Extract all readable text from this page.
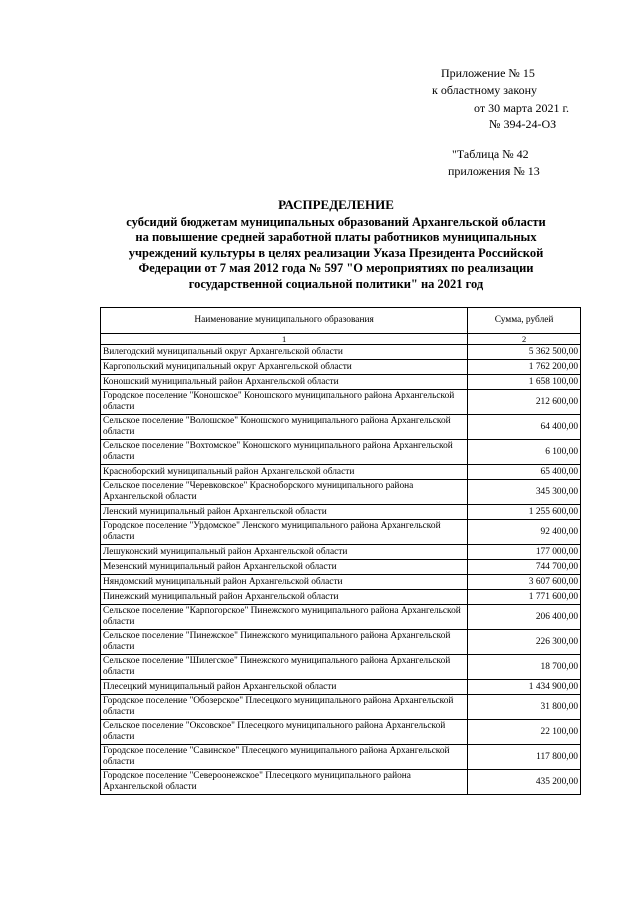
Приложение № 15
к областному закону
от 30 марта 2021 г.
№ 394-24-ОЗ
"Таблица № 42
приложения № 13
РАСПРЕДЕЛЕНИЕ
субсидий бюджетам муниципальных образований Архангельской области
на повышение средней заработной платы работников муниципальных
учреждений культуры в целях реализации Указа Президента Российской
Федерации от 7 мая 2012 года № 597 "О мероприятиях по реализации
государственной социальной политики" на 2021 год
Наименование муниципального образования	Сумма, рублей
1	2
Вилегодский муниципальный округ Архангельской области	5 362 500,00
Каргопольский муниципальный округ Архангельской области	1 762 200,00
Коношский муниципальный район Архангельской области	1 658 100,00
Городское поселение "Коношское" Коношского муниципального района Архангельской области	212 600,00
Сельское поселение "Волошское" Коношского муниципального района Архангельской области	64 400,00
Сельское поселение "Вохтомское" Коношского муниципального района Архангельской области	6 100,00
Красноборский муниципальный район Архангельской области	65 400,00
Сельское поселение "Черевковское" Красноборского муниципального района Архангельской области	345 300,00
Ленский муниципальный район Архангельской области	1 255 600,00
Городское поселение "Урдомское" Ленского муниципального района Архангельской области	92 400,00
Лешуконский муниципальный район Архангельской области	177 000,00
Мезенский муниципальный район Архангельской области	744 700,00
Няндомский муниципальный район Архангельской области	3 607 600,00
Пинежский муниципальный район Архангельской области	1 771 600,00
Сельское поселение "Карпогорское" Пинежского муниципального района Архангельской области	206 400,00
Сельское поселение "Пинежское" Пинежского муниципального района Архангельской области	226 300,00
Сельское поселение "Шилегское" Пинежского муниципального района Архангельской области	18 700,00
Плесецкий муниципальный район Архангельской области	1 434 900,00
Городское поселение "Обозерское" Плесецкого муниципального района Архангельской области	31 800,00
Сельское поселение "Оксовское" Плесецкого муниципального района Архангельской области	22 100,00
Городское поселение "Савинское" Плесецкого муниципального района Архангельской области	117 800,00
Городское поселение "Североонежское" Плесецкого муниципального района Архангельской области	435 200,00
